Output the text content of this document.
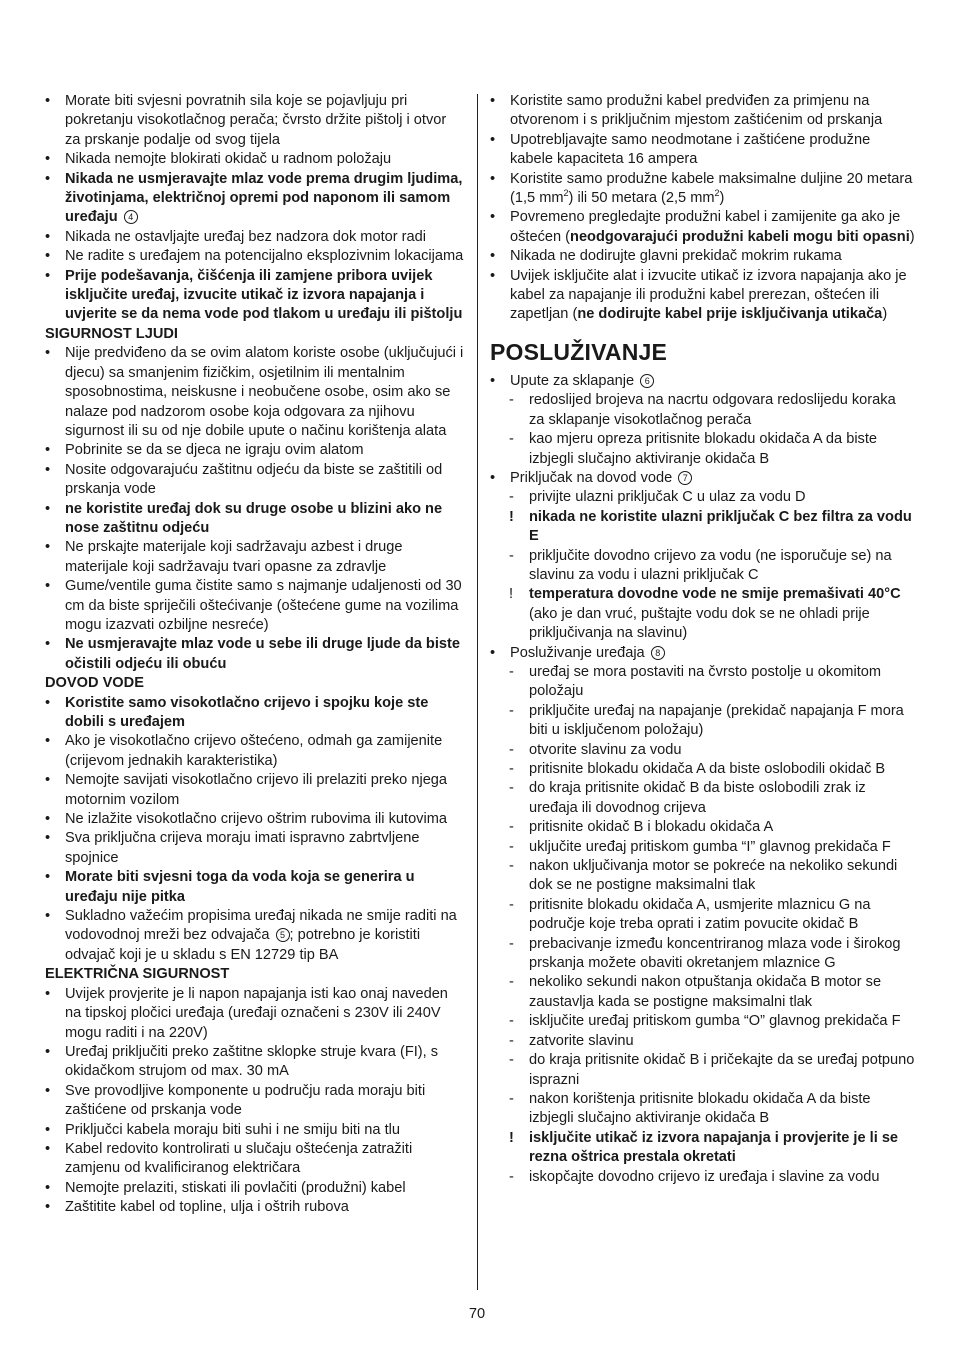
•	Morate biti svjesni povratnih sila koje se pojavljuju pri pokretanju visokotlačnog perača; čvrsto držite pištolj i otvor za prskanje podalje od svog tijela
•	Nikada nemojte blokirati okidač u radnom položaju
•	Nikada ne usmjeravajte mlaz vode prema drugim ljudima, životinjama, električnoj opremi pod naponom ili samom uređaju 4
•	Nikada ne ostavljajte uređaj bez nadzora dok motor radi
•	Ne radite s uređajem na potencijalno eksplozivnim lokacijama
•	Prije podešavanja, čišćenja ili zamjene pribora uvijek isključite uređaj, izvucite utikač iz izvora napajanja i uvjerite se da nema vode pod tlakom u uređaju ili pištolju
SIGURNOST LJUDI
•	Nije predviđeno da se ovim alatom koriste osobe (uključujući i djecu) sa smanjenim fizičkim, osjetilnim ili mentalnim sposobnostima, neiskusne i neobučene osobe, osim ako se nalaze pod nadzorom osobe koja odgovara za njihovu sigurnost ili su od nje dobile upute o načinu korištenja alata
•	Pobrinite se da se djeca ne igraju ovim alatom
•	Nosite odgovarajuću zaštitnu odjeću da biste se zaštitili od prskanja vode
•	ne koristite uređaj dok su druge osobe u blizini ako ne nose zaštitnu odjeću
•	Ne prskajte materijale koji sadržavaju azbest i druge materijale koji sadržavaju tvari opasne za zdravlje
•	Gume/ventile guma čistite samo s najmanje udaljenosti od 30 cm da biste spriječili oštećivanje (oštećene gume na vozilima mogu izazvati ozbiljne nesreće)
•	Ne usmjeravajte mlaz vode u sebe ili druge ljude da biste očistili odjeću ili obuću
DOVOD VODE
•	Koristite samo visokotlačno crijevo i spojku koje ste dobili s uređajem
•	Ako je visokotlačno crijevo oštećeno, odmah ga zamijenite (crijevom jednakih karakteristika)
•	Nemojte savijati visokotlačno crijevo ili prelaziti preko njega motornim vozilom
•	Ne izlažite visokotlačno crijevo oštrim rubovima ili kutovima
•	Sva priključna crijeva moraju imati ispravno zabrtvljene spojnice
•	Morate biti svjesni toga da voda koja se generira u uređaju nije pitka
•	Sukladno važećim propisima uređaj nikada ne smije raditi na vodovodnoj mreži bez odvajača 5 ; potrebno je koristiti odvajač koji je u skladu s EN 12729 tip BA
ELEKTRIČNA SIGURNOST
•	Uvijek provjerite je li napon napajanja isti kao onaj naveden na tipskoj pločici uređaja (uređaji označeni s 230V ili 240V mogu raditi i na 220V)
•	Uređaj priključiti preko zaštitne sklopke struje kvara (FI), s okidačkom strujom od max. 30 mA
•	Sve provodljive komponente u području rada moraju biti zaštićene od prskanja vode
•	Priključci kabela moraju biti suhi i ne smiju biti na tlu
•	Kabel redovito kontrolirati u slučaju oštećenja zatražiti zamjenu od kvalificiranog električara
•	Nemojte prelaziti, stiskati ili povlačiti (produžni) kabel
•	Zaštitite kabel od topline, ulja i oštrih rubova
•	Koristite samo produžni kabel predviđen za primjenu na otvorenom i s priključnim mjestom zaštićenim od prskanja
•	Upotrebljavajte samo neodmotane i zaštićene produžne kabele kapaciteta 16 ampera
•	Koristite samo produžne kabele maksimalne duljine 20 metara (1,5 $mm^2$) ili 50 metara (2,5 $mm^2$)
•	Povremeno pregledajte produžni kabel i zamijenite ga ako je oštećen (neodgovarajući produžni kabeli mogu biti opasni)
•	Nikada ne dodirujte glavni prekidač mokrim rukama
•	Uvijek isključite alat i izvucite utikač iz izvora napajanja ako je kabel za napajanje ili produžni kabel prerezan, oštećen ili zapetljan (ne dodirujte kabel prije isključivanja utikača)
POSLUŽIVANJE
•	Upute za sklapanje 6
-	redoslijed brojeva na nacrtu odgovara redoslijedu koraka za sklapanje visokotlačnog perača
-	kao mjeru opreza pritisnite blokadu okidača A da biste izbjegli slučajno aktiviranje okidača B
•	Priključak na dovod vode 7
-	privijte ulazni priključak C u ulaz za vodu D
!	nikada ne koristite ulazni priključak C bez filtra za vodu E
-	priključite dovodno crijevo za vodu (ne isporučuje se) na slavinu za vodu i ulazni priključak C
!	temperatura dovodne vode ne smije premašivati 40°C (ako je dan vruć, puštajte vodu dok se ne ohladi prije priključivanja na slavinu)
•	Posluživanje uređaja 8
-	uređaj se mora postaviti na čvrsto postolje u okomitom položaju
-	priključite uređaj na napajanje (prekidač napajanja F mora biti u isključenom položaju)
-	otvorite slavinu za vodu
-	pritisnite blokadu okidača A da biste oslobodili okidač B
-	do kraja pritisnite okidač B da biste oslobodili zrak iz uređaja ili dovodnog crijeva
-	pritisnite okidač B i blokadu okidača A
-	uključite uređaj pritiskom gumba “I” glavnog prekidača F
-	nakon uključivanja motor se pokreće na nekoliko sekundi dok se ne postigne maksimalni tlak
-	pritisnite blokadu okidača A, usmjerite mlaznicu G na područje koje treba oprati i zatim povucite okidač B
-	prebacivanje između koncentriranog mlaza vode i širokog prskanja možete obaviti okretanjem mlaznice G
-	nekoliko sekundi nakon otpuštanja okidača B motor se zaustavlja kada se postigne maksimalni tlak
-	isključite uređaj pritiskom gumba “O” glavnog prekidača F
-	zatvorite slavinu
-	do kraja pritisnite okidač B i pričekajte da se uređaj potpuno isprazni
-	nakon korištenja pritisnite blokadu okidača A da biste izbjegli slučajno aktiviranje okidača B
!	isključite utikač iz izvora napajanja i provjerite je li se rezna oštrica prestala okretati
-	iskopčajte dovodno crijevo iz uređaja i slavine za vodu
70
